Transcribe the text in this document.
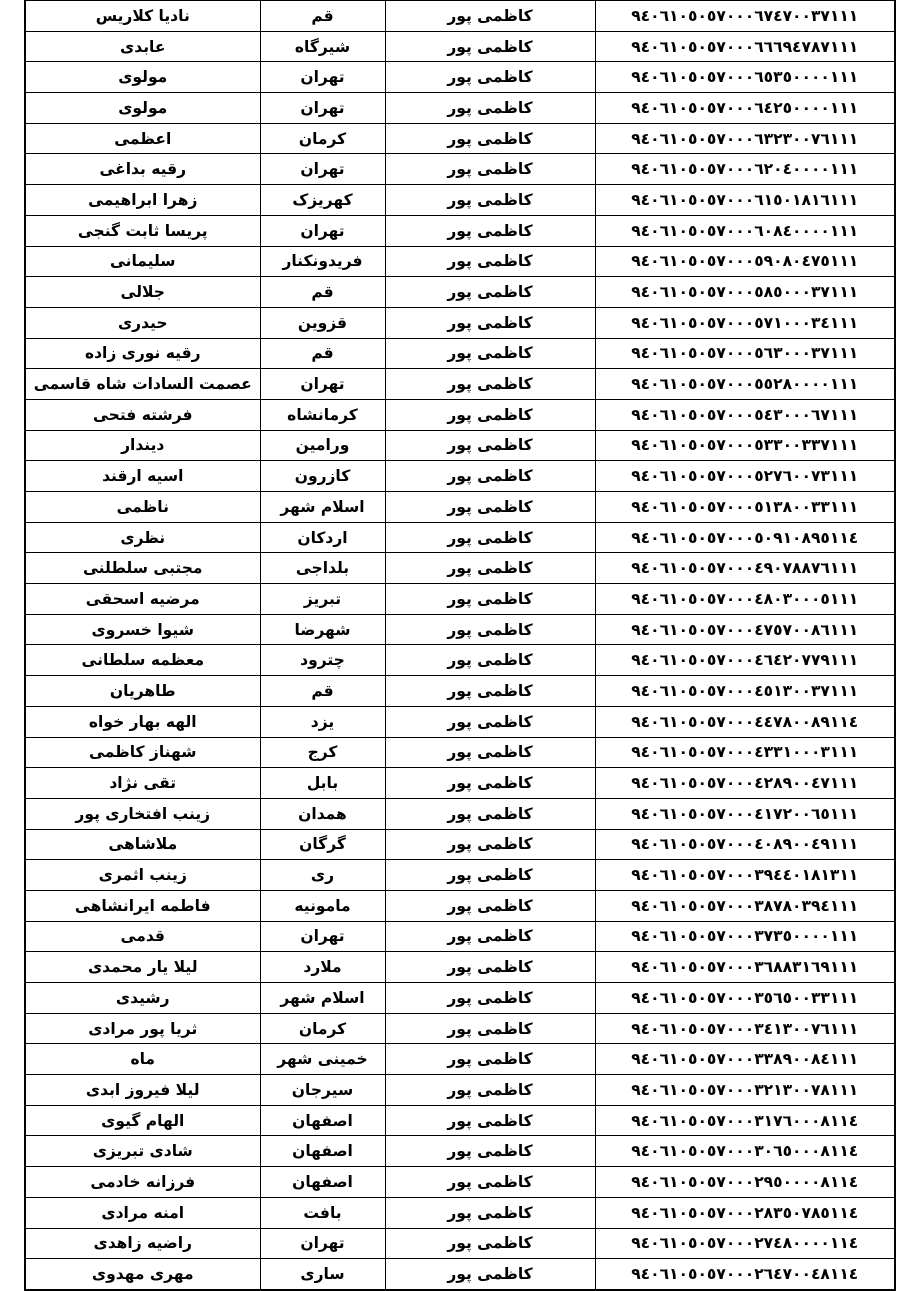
نادیا کلاریس	قم	کاظمی پور	۹٤۰٦۱۰٥۰٥۷۰۰۰٦۷٤۷۰۰۳۷۱۱۱
عابدی	شیرگاه	کاظمی پور	۹٤۰٦۱۰٥۰٥۷۰۰۰٦٦٦۹٤۷۸۷۱۱۱
مولوی	تهران	کاظمی پور	۹٤۰٦۱۰٥۰٥۷۰۰۰٦٥۳٥۰۰۰۰۱۱۱
مولوی	تهران	کاظمی پور	۹٤۰٦۱۰٥۰٥۷۰۰۰٦٤۲٥۰۰۰۰۱۱۱
اعظمی	کرمان	کاظمی پور	۹٤۰٦۱۰٥۰٥۷۰۰۰٦۳۲۳۰۰۷٦۱۱۱
رقیه بداغی	تهران	کاظمی پور	۹٤۰٦۱۰٥۰٥۷۰۰۰٦۲۰٤۰۰۰۰۱۱۱
زهرا ابراهیمی	کهریزک	کاظمی پور	۹٤۰٦۱۰٥۰٥۷۰۰۰٦۱٥۰۱۸۱٦۱۱۱
پریسا ثابت گنجی	تهران	کاظمی پور	۹٤۰٦۱۰٥۰٥۷۰۰۰٦۰۸٤۰۰۰۰۱۱۱
سلیمانی	فریدونکنار	کاظمی پور	۹٤۰٦۱۰٥۰٥۷۰۰۰٥۹۰۸۰٤۷٥۱۱۱
جلالی	قم	کاظمی پور	۹٤۰٦۱۰٥۰٥۷۰۰۰٥۸٥۰۰۰۳۷۱۱۱
حیدری	قزوین	کاظمی پور	۹٤۰٦۱۰٥۰٥۷۰۰۰٥۷۱۰۰۰۳٤۱۱۱
رقیه نوری زاده	قم	کاظمی پور	۹٤۰٦۱۰٥۰٥۷۰۰۰٥٦۳۰۰۰۳۷۱۱۱
عصمت السادات شاه قاسمی	تهران	کاظمی پور	۹٤۰٦۱۰٥۰٥۷۰۰۰٥٥۲۸۰۰۰۰۱۱۱
فرشته فتحی	کرمانشاه	کاظمی پور	۹٤۰٦۱۰٥۰٥۷۰۰۰٥٤۳۰۰۰٦۷۱۱۱
دیندار	ورامین	کاظمی پور	۹٤۰٦۱۰٥۰٥۷۰۰۰٥۳۳۰۰۳۳۷۱۱۱
اسیه ارقند	کازرون	کاظمی پور	۹٤۰٦۱۰٥۰٥۷۰۰۰٥۲۷٦۰۰۷۳۱۱۱
ناظمی	اسلام شهر	کاظمی پور	۹٤۰٦۱۰٥۰٥۷۰۰۰٥۱۳۸۰۰۳۳۱۱۱
نظری	اردکان	کاظمی پور	۹٤۰٦۱۰٥۰٥۷۰۰۰٥۰۹۱۰۸۹٥۱۱٤
مجتبی سلطلنی	بلداجی	کاظمی پور	۹٤۰٦۱۰٥۰٥۷۰۰۰٤۹۰۷۸۸۷٦۱۱۱
مرضیه اسحقی	تبریز	کاظمی پور	۹٤۰٦۱۰٥۰٥۷۰۰۰٤۸۰۳۰۰۰٥۱۱۱
شیوا خسروی	شهرضا	کاظمی پور	۹٤۰٦۱۰٥۰٥۷۰۰۰٤۷٥۷۰۰۸٦۱۱۱
معظمه سلطانی	چترود	کاظمی پور	۹٤۰٦۱۰٥۰٥۷۰۰۰٤٦٤۲۰۷۷۹۱۱۱
طاهریان	قم	کاظمی پور	۹٤۰٦۱۰٥۰٥۷۰۰۰٤٥۱۳۰۰۳۷۱۱۱
الهه بهار خواه	یزد	کاظمی پور	۹٤۰٦۱۰٥۰٥۷۰۰۰٤٤۷۸۰۰۸۹۱۱٤
شهناز کاظمی	کرج	کاظمی پور	۹٤۰٦۱۰٥۰٥۷۰۰۰٤۳۳۱۰۰۰۳۱۱۱
تقی نژاد	بابل	کاظمی پور	۹٤۰٦۱۰٥۰٥۷۰۰۰٤۲۸۹۰۰٤۷۱۱۱
زینب افتخاری پور	همدان	کاظمی پور	۹٤۰٦۱۰٥۰٥۷۰۰۰٤۱۷۲۰۰٦٥۱۱۱
ملاشاهی	گرگان	کاظمی پور	۹٤۰٦۱۰٥۰٥۷۰۰۰٤۰۸۹۰۰٤۹۱۱۱
زینب اثمری	ری	کاظمی پور	۹٤۰٦۱۰٥۰٥۷۰۰۰۳۹٤٤۰۱۸۱۳۱۱
فاطمه ایرانشاهی	مامونیه	کاظمی پور	۹٤۰٦۱۰٥۰٥۷۰۰۰۳۸۷۸۰۳۹٤۱۱۱
قدمی	تهران	کاظمی پور	۹٤۰٦۱۰٥۰٥۷۰۰۰۳۷۳٥۰۰۰۰۱۱۱
لیلا یار محمدی	ملارد	کاظمی پور	۹٤۰٦۱۰٥۰٥۷۰۰۰۳٦۸۸۳۱٦۹۱۱۱
رشیدی	اسلام شهر	کاظمی پور	۹٤۰٦۱۰٥۰٥۷۰۰۰۳٥٦٥۰۰۳۳۱۱۱
ثریا پور مرادی	کرمان	کاظمی پور	۹٤۰٦۱۰٥۰٥۷۰۰۰۳٤۱۳۰۰۷٦۱۱۱
ماه	خمینی شهر	کاظمی پور	۹٤۰٦۱۰٥۰٥۷۰۰۰۳۳۸۹۰۰۸٤۱۱۱
لیلا فیروز ابدی	سیرجان	کاظمی پور	۹٤۰٦۱۰٥۰٥۷۰۰۰۳۲۱۳۰۰۷۸۱۱۱
الهام گیوی	اصفهان	کاظمی پور	۹٤۰٦۱۰٥۰٥۷۰۰۰۳۱۷٦۰۰۰۸۱۱٤
شادی تبریزی	اصفهان	کاظمی پور	۹٤۰٦۱۰٥۰٥۷۰۰۰۳۰٦٥۰۰۰۸۱۱٤
فرزانه خادمی	اصفهان	کاظمی پور	۹٤۰٦۱۰٥۰٥۷۰۰۰۲۹٥۰۰۰۰۸۱۱٤
امنه مرادی	بافت	کاظمی پور	۹٤۰٦۱۰٥۰٥۷۰۰۰۲۸۳٥۰۷۸٥۱۱٤
راضیه زاهدی	تهران	کاظمی پور	۹٤۰٦۱۰٥۰٥۷۰۰۰۲۷٤۸۰۰۰۰۱۱٤
مهری مهدوی	ساری	کاظمی پور	۹٤۰٦۱۰٥۰٥۷۰۰۰۲٦٤۷۰۰٤۸۱۱٤
